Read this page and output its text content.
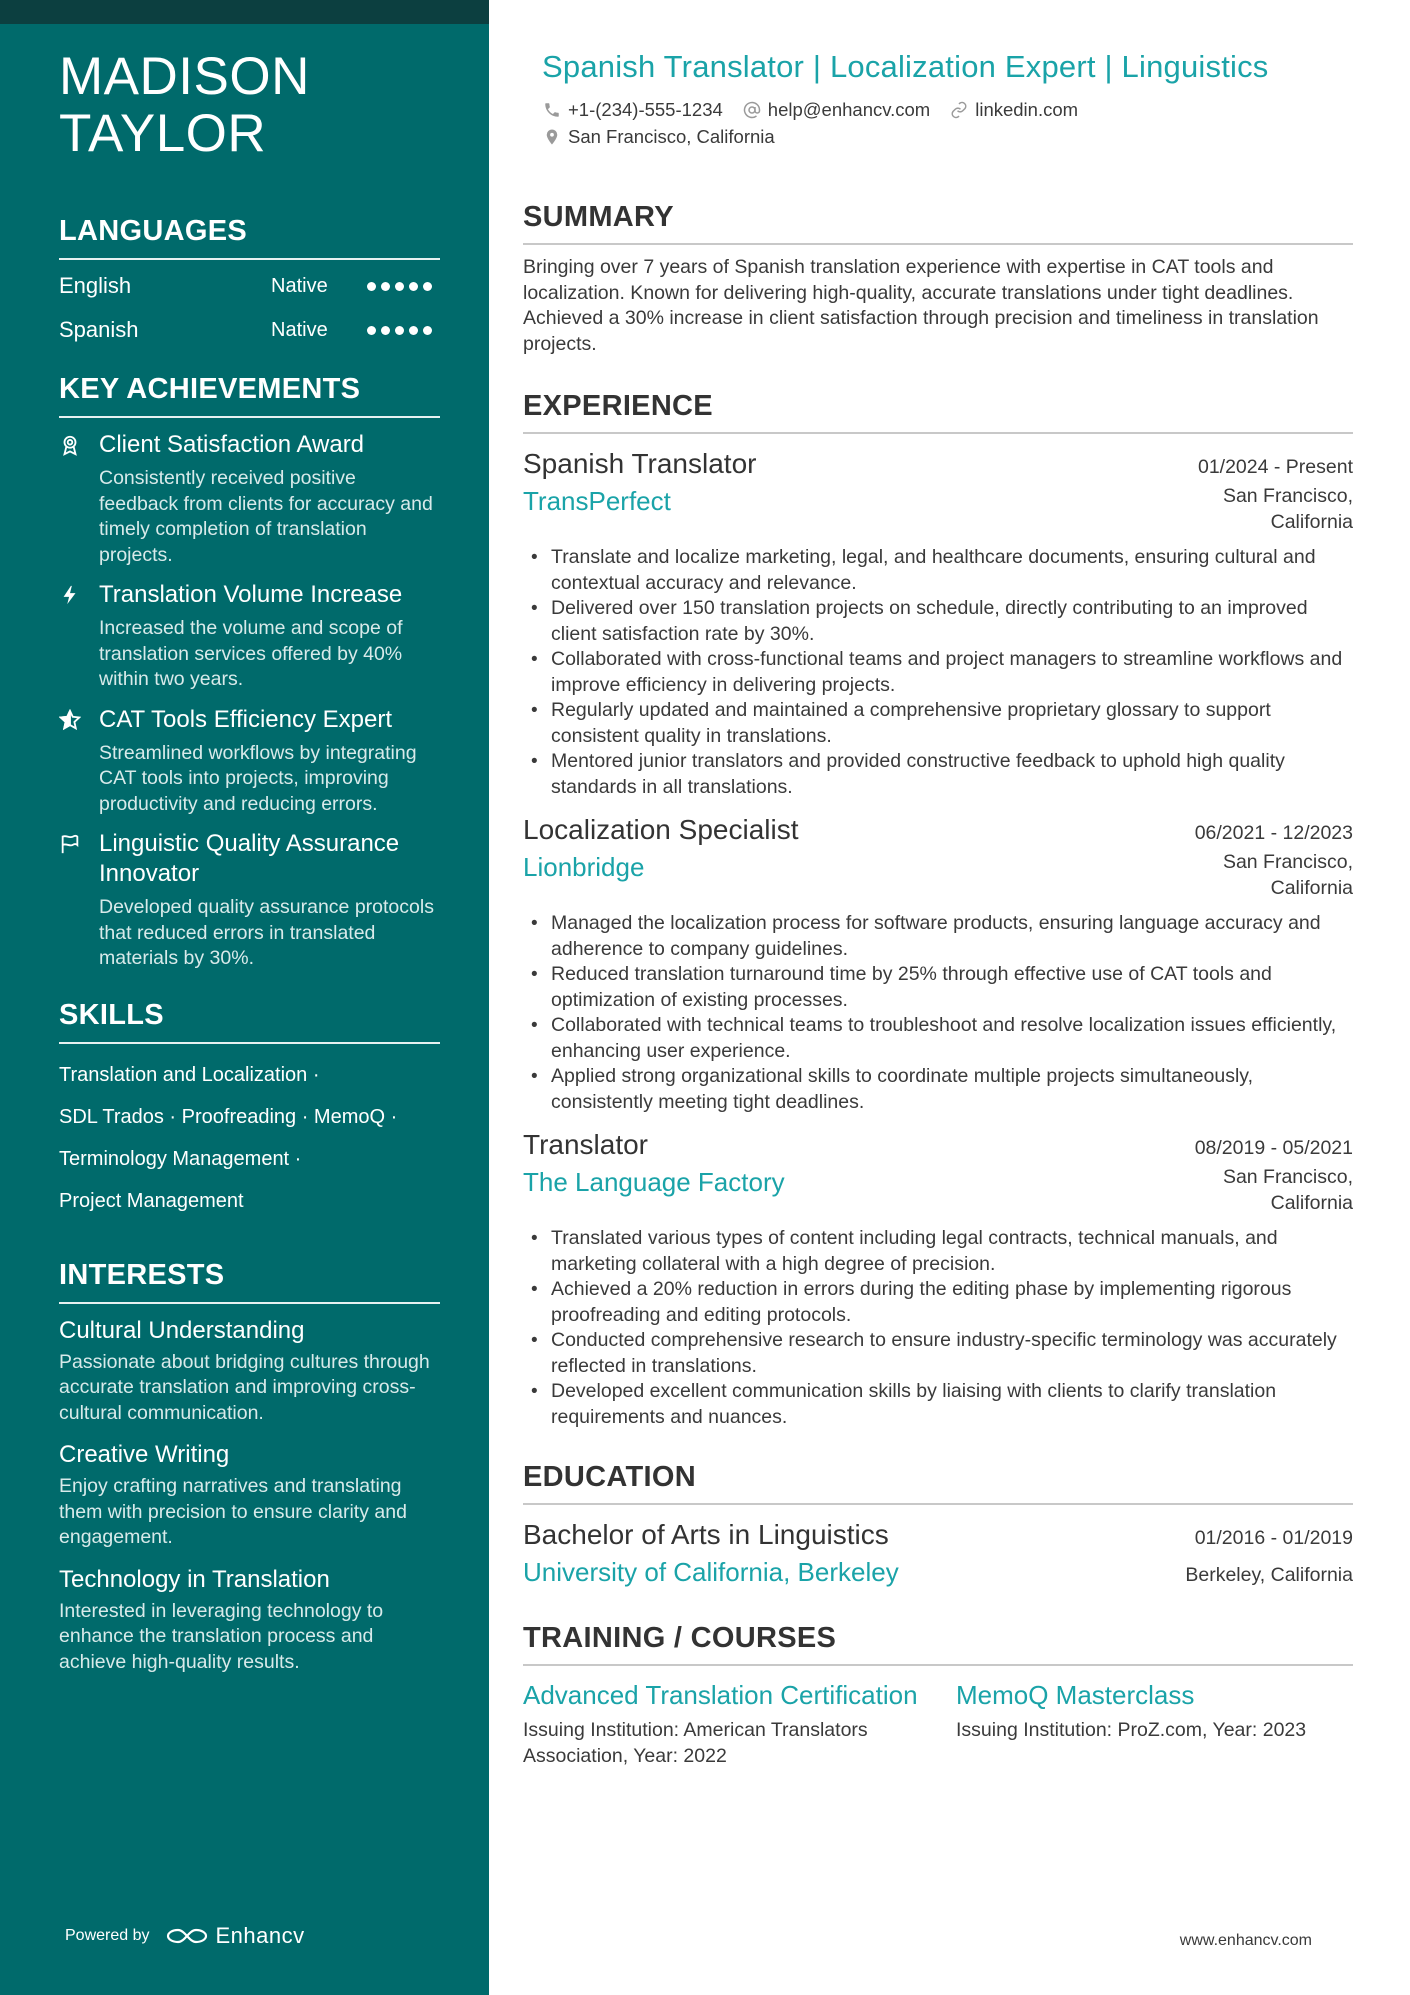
MADISON
TAYLOR
LANGUAGES
English	Native
Spanish	Native
KEY ACHIEVEMENTS
Client Satisfaction Award
Consistently received positive feedback from clients for accuracy and timely completion of translation projects.
Translation Volume Increase
Increased the volume and scope of translation services offered by 40% within two years.
CAT Tools Efficiency Expert
Streamlined workflows by integrating CAT tools into projects, improving productivity and reducing errors.
Linguistic Quality Assurance Innovator
Developed quality assurance protocols that reduced errors in translated materials by 30%.
SKILLS
Translation and Localization ·
SDL Trados · Proofreading · MemoQ ·
Terminology Management ·
Project Management
INTERESTS
Cultural Understanding
Passionate about bridging cultures through accurate translation and improving cross-cultural communication.
Creative Writing
Enjoy crafting narratives and translating them with precision to ensure clarity and engagement.
Technology in Translation
Interested in leveraging technology to enhance the translation process and achieve high-quality results.
Powered by	Enhancv
Spanish Translator | Localization Expert | Linguistics
+1-(234)-555-1234 help@enhancv.com linkedin.com
San Francisco, California
SUMMARY

Bringing over 7 years of Spanish translation experience with expertise in CAT tools and localization. Known for delivering high-quality, accurate translations under tight deadlines. Achieved a 30% increase in client satisfaction through precision and timeliness in translation projects.

EXPERIENCE
Spanish Translator	01/2024 - Present
TransPerfect	San Francisco, California
• Translate and localize marketing, legal, and healthcare documents, ensuring cultural and contextual accuracy and relevance.
• Delivered over 150 translation projects on schedule, directly contributing to an improved client satisfaction rate by 30%.
• Collaborated with cross-functional teams and project managers to streamline workflows and improve efficiency in delivering projects.
• Regularly updated and maintained a comprehensive proprietary glossary to support consistent quality in translations.
• Mentored junior translators and provided constructive feedback to uphold high quality standards in all translations.
Localization Specialist	06/2021 - 12/2023
Lionbridge	San Francisco, California
• Managed the localization process for software products, ensuring language accuracy and adherence to company guidelines.
• Reduced translation turnaround time by 25% through effective use of CAT tools and optimization of existing processes.
• Collaborated with technical teams to troubleshoot and resolve localization issues efficiently, enhancing user experience.
• Applied strong organizational skills to coordinate multiple projects simultaneously, consistently meeting tight deadlines.
Translator	08/2019 - 05/2021
The Language Factory	San Francisco, California
• Translated various types of content including legal contracts, technical manuals, and marketing collateral with a high degree of precision.
• Achieved a 20% reduction in errors during the editing phase by implementing rigorous proofreading and editing protocols.
• Conducted comprehensive research to ensure industry-specific terminology was accurately reflected in translations.
• Developed excellent communication skills by liaising with clients to clarify translation requirements and nuances.
EDUCATION
Bachelor of Arts in Linguistics	01/2016 - 01/2019
University of California, Berkeley	Berkeley, California
TRAINING / COURSES
Advanced Translation Certification
Issuing Institution: American Translators Association, Year: 2022
MemoQ Masterclass
Issuing Institution: ProZ.com, Year: 2023
www.enhancv.com
